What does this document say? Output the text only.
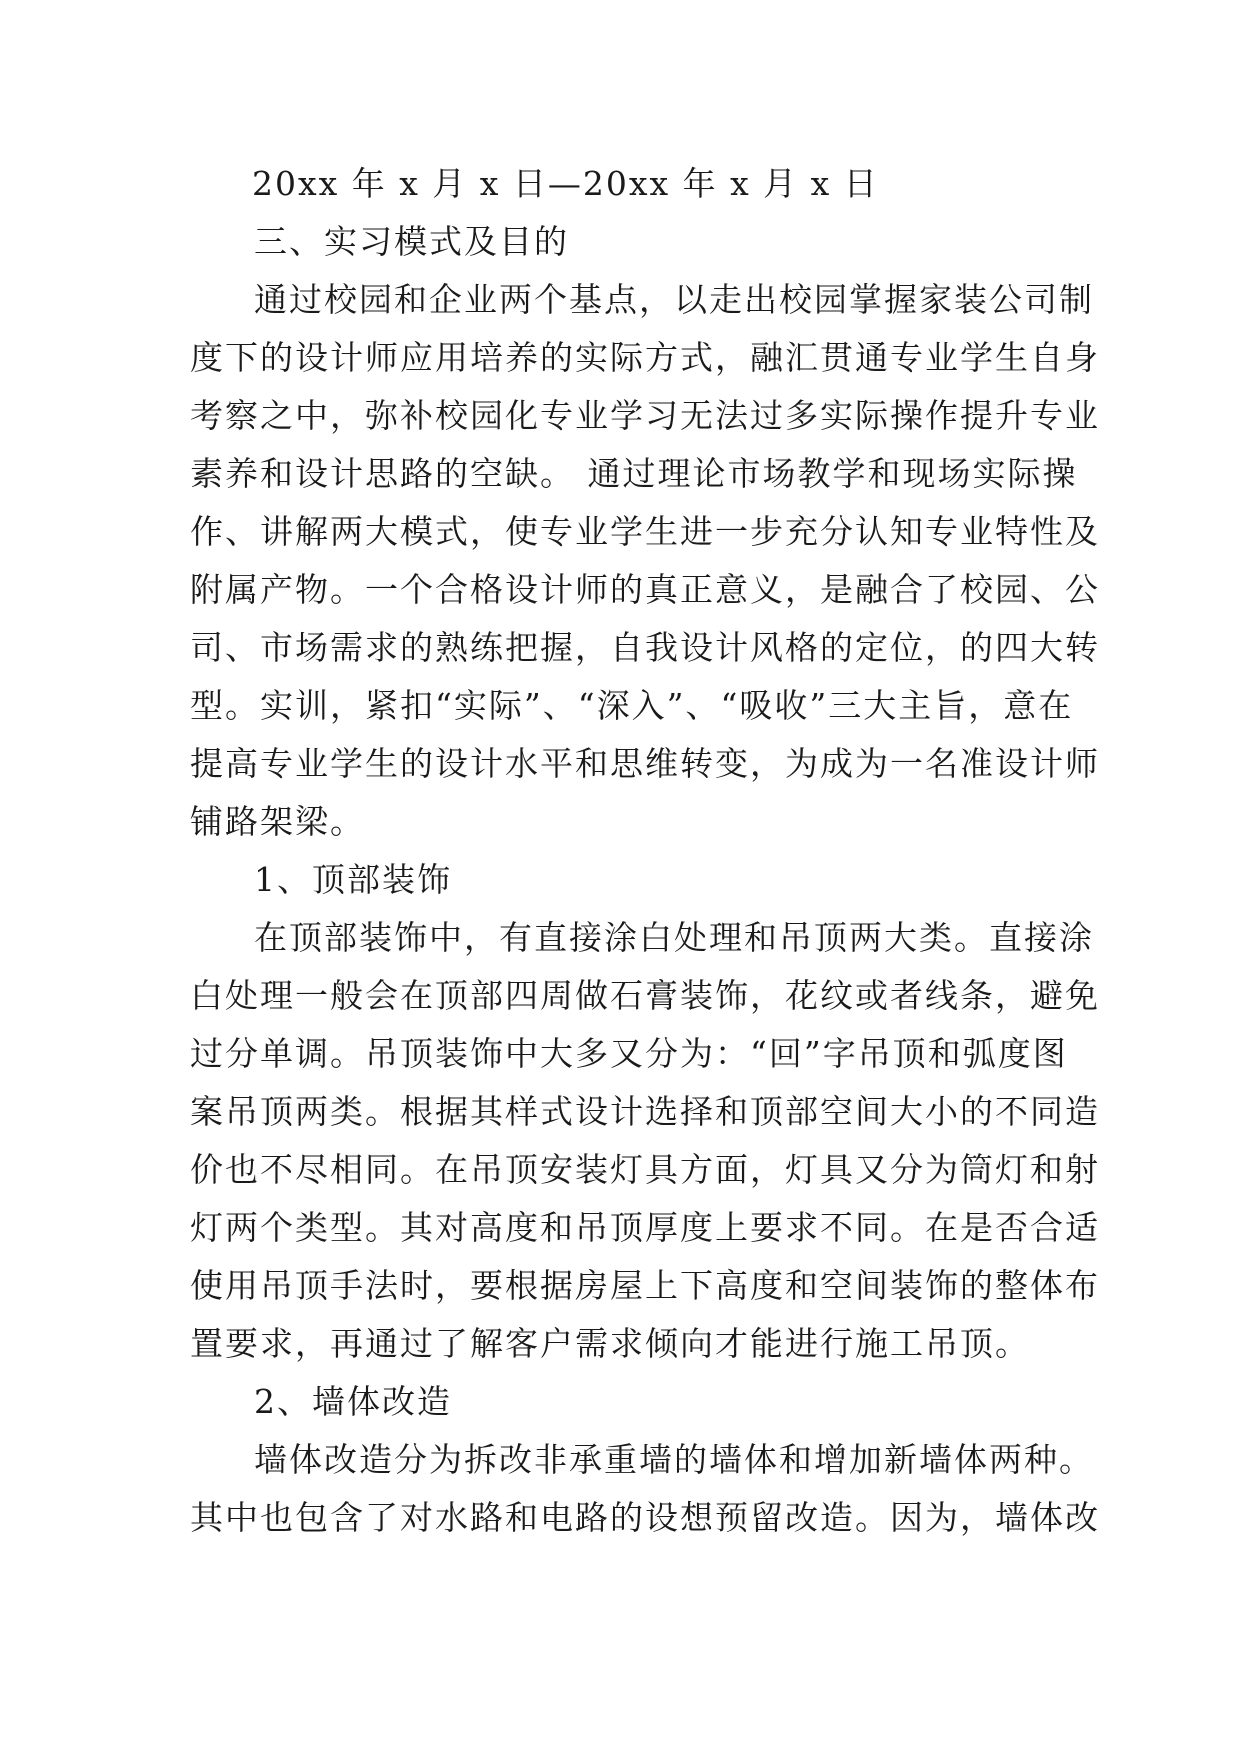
20xx 年 x 月 x 日—20xx 年 x 月 x 日
三、实习模式及目的
通过校园和企业两个基点，以走出校园掌握家装公司制
度下的设计师应用培养的实际方式，融汇贯通专业学生自身
考察之中，弥补校园化专业学习无法过多实际操作提升专业
素养和设计思路的空缺。 通过理论市场教学和现场实际操
作、讲解两大模式，使专业学生进一步充分认知专业特性及
附属产物。一个合格设计师的真正意义，是融合了校园、公
司、市场需求的熟练把握，自我设计风格的定位，的四大转
型。实训，紧扣“实际”、“深入”、“吸收”三大主旨，意在
提高专业学生的设计水平和思维转变，为成为一名准设计师
铺路架梁。
1、顶部装饰
在顶部装饰中，有直接涂白处理和吊顶两大类。直接涂
白处理一般会在顶部四周做石膏装饰，花纹或者线条，避免
过分单调。吊顶装饰中大多又分为：“回”字吊顶和弧度图
案吊顶两类。根据其样式设计选择和顶部空间大小的不同造
价也不尽相同。在吊顶安装灯具方面，灯具又分为筒灯和射
灯两个类型。其对高度和吊顶厚度上要求不同。在是否合适
使用吊顶手法时，要根据房屋上下高度和空间装饰的整体布
置要求，再通过了解客户需求倾向才能进行施工吊顶。
2、墙体改造
墙体改造分为拆改非承重墙的墙体和增加新墙体两种。
其中也包含了对水路和电路的设想预留改造。因为，墙体改
